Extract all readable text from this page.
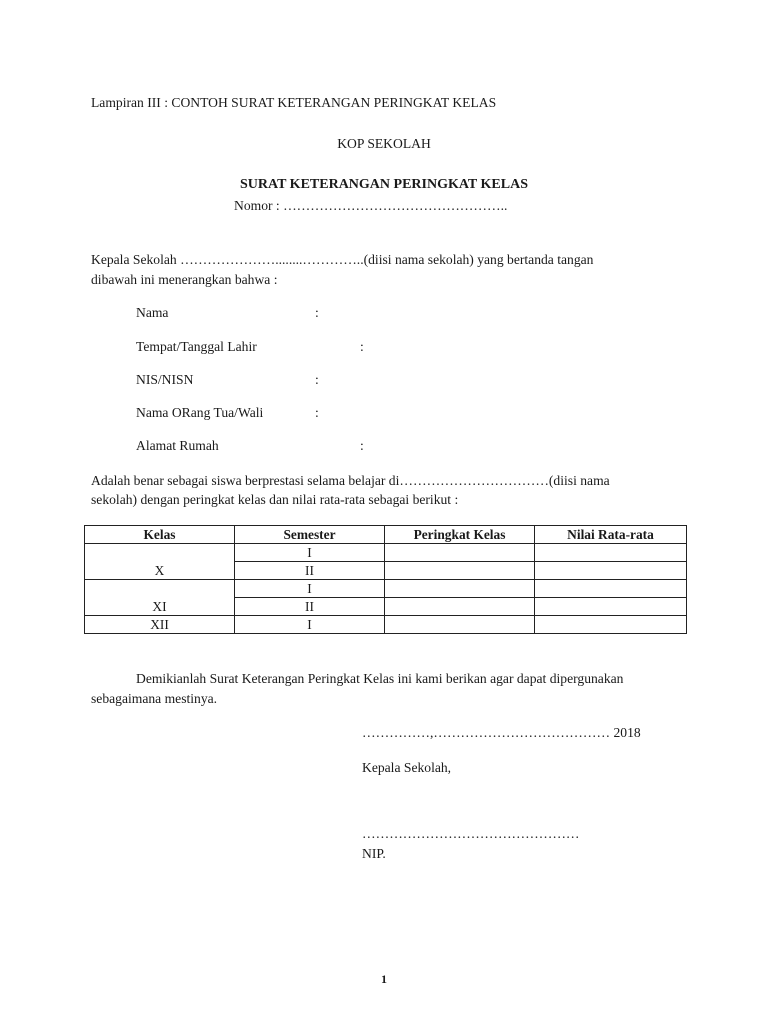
Lampiran III : CONTOH SURAT KETERANGAN PERINGKAT KELAS
KOP SEKOLAH
SURAT KETERANGAN PERINGKAT KELAS
Nomor : …………………………………………..
Kepala Sekolah …………………........…………..(diisi nama sekolah) yang bertanda tangan
dibawah ini menerangkan bahwa :
Nama	:
Tempat/Tanggal Lahir	:
NIS/NISN	:
Nama ORang Tua/Wali	:
Alamat Rumah	:
Adalah benar sebagai siswa berprestasi selama belajar di……………………………(diisi nama
sekolah) dengan peringkat kelas dan nilai rata-rata sebagai berikut :
Kelas	Semester	Peringkat Kelas	Nilai Rata-rata
X	I		
	II		
XI	I		
	II		
XII	I		
Demikianlah Surat Keterangan Peringkat Kelas ini kami berikan agar dapat dipergunakan
sebagaimana mestinya.
……………,………………………………… 2018
Kepala Sekolah,
…………………………………………
NIP.
1
